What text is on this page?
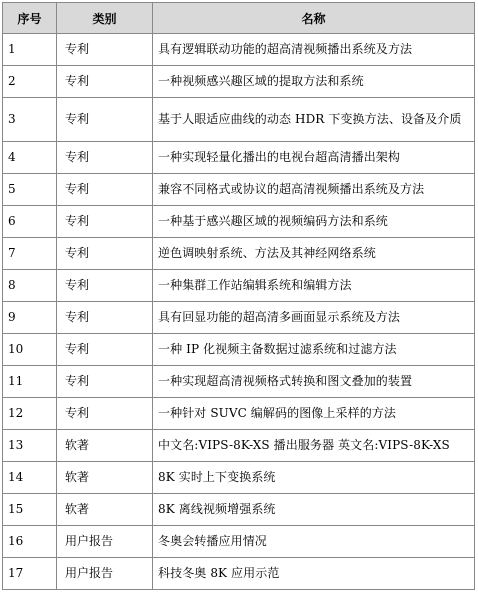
序号	类别	名称
1	专利	具有逻辑联动功能的超高清视频播出系统及方法
2	专利	一种视频感兴趣区域的提取方法和系统
3	专利	基于人眼适应曲线的动态 HDR 下变换方法、设备及介质
4	专利	一种实现轻量化播出的电视台超高清播出架构
5	专利	兼容不同格式或协议的超高清视频播出系统及方法
6	专利	一种基于感兴趣区域的视频编码方法和系统
7	专利	逆色调映射系统、方法及其神经网络系统
8	专利	一种集群工作站编辑系统和编辑方法
9	专利	具有回显功能的超高清多画面显示系统及方法
10	专利	一种 IP 化视频主备数据过滤系统和过滤方法
11	专利	一种实现超高清视频格式转换和图文叠加的装置
12	专利	一种针对 SUVC 编解码的图像上采样的方法
13	软著	中文名:VIPS-8K-XS 播出服务器 英文名:VIPS-8K-XS
14	软著	8K 实时上下变换系统
15	软著	8K 离线视频增强系统
16	用户报告	冬奥会转播应用情况
17	用户报告	科技冬奥 8K 应用示范
